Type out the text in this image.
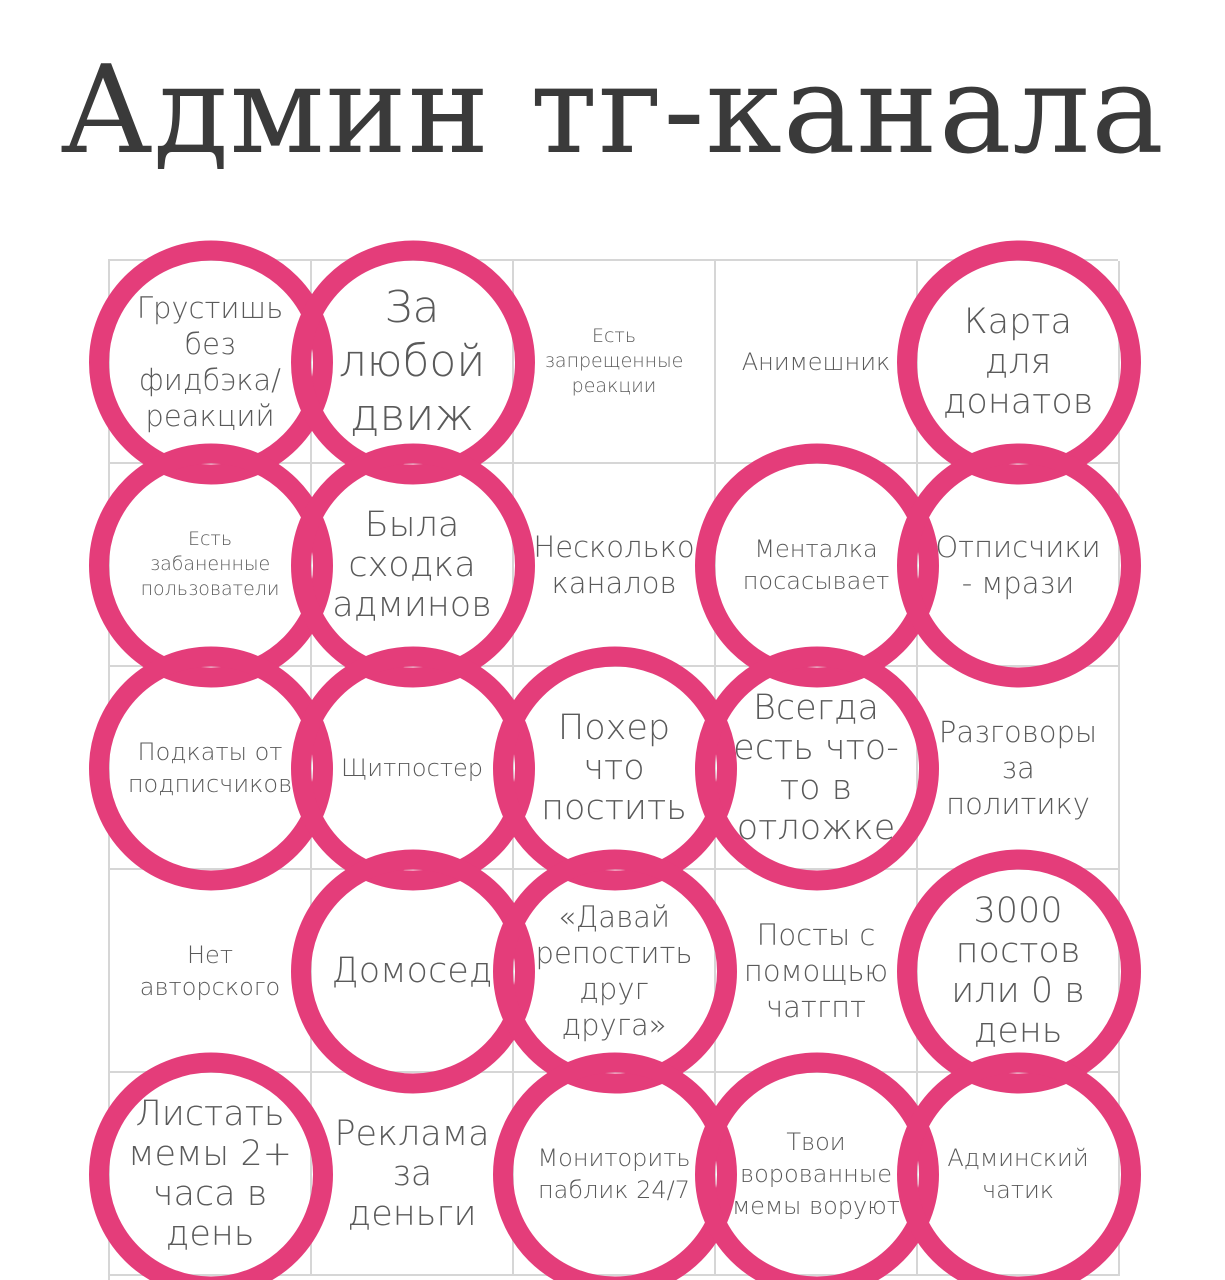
Админ тг-канала
Грустишь без фидбэка/ реакций
За любой движ
Есть запрещенные реакции
Анимешник
Карта для донатов
Есть забаненные пользователи
Была сходка админов
Несколько каналов
Менталка посасывает
Отписчики - мрази
Подкаты от подписчиков
Щитпостер
Похер что постить
Всегда есть что-то в отложке
Разговоры за политику
Нет авторского	Домосед
«Давай репостить друг друга»
Посты с помощью чатгпт
3000 постов или 0 в день
Листать мемы 2+ часа в день
Реклама за деньги
Мониторить паблик 24/7
Твои ворованные мемы воруют
Админский чатик
